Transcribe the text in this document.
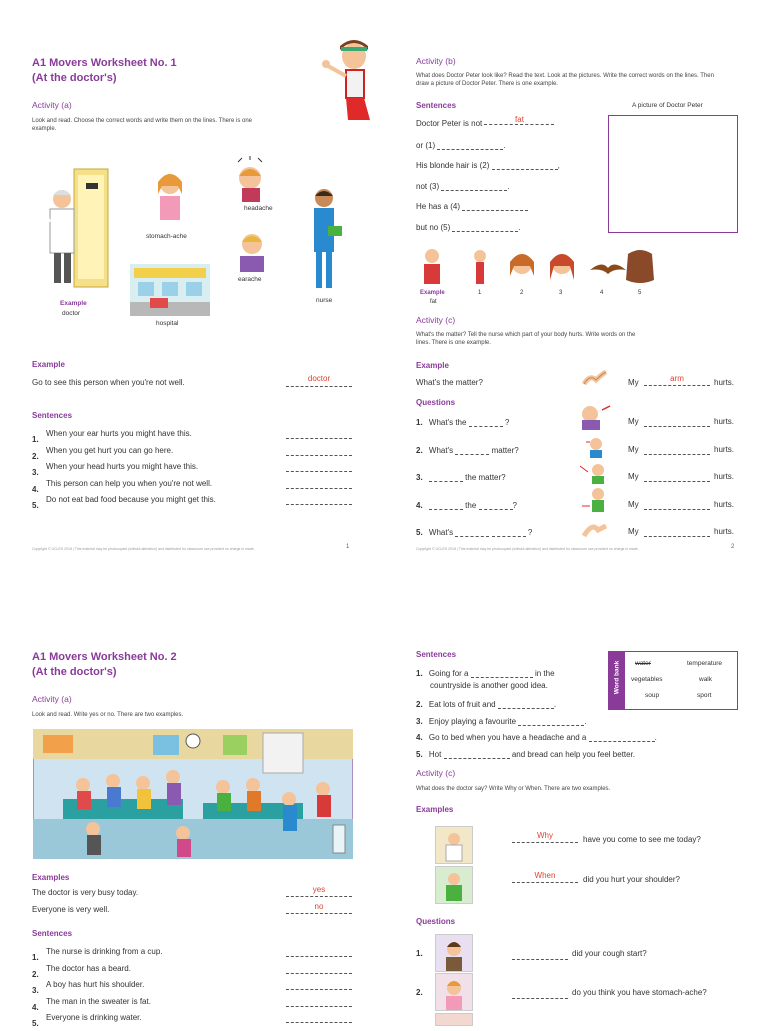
A1 Movers Worksheet No. 1
(At the doctor's)
Activity (a)
Look and read. Choose the correct words and write them on the lines. There is one example.
Example
doctor
stomach-ache
headache
earache
nurse
hospital
Example
Go to see this person when you're not well.	doctor
Sentences
1.
When your ear hurts you might have this.
2.
When you get hurt you can go here.
3.
When your head hurts you might have this.
4.
This person can help you when you're not well.
5.
Do not eat bad food because you might get this.
Copyright © UCLES 2018 | This material may be photocopied (without alteration) and distributed for classroom use provided no charge is made.	1
Activity (b)
What does Doctor Peter look like? Read the text. Look at the pictures. Write the correct words on the lines. Then draw a picture of Doctor Peter. There is one example.
Sentences	A picture of Doctor Peter
Doctor Peter is not	fat
or (1)	.
His blonde hair is (2)	,
not (3)	.
He has a (4)
but no (5)	.
Example
fat
1	2	3	4	5
Activity (c)
What's the matter? Tell the nurse which part of your body hurts. Write words on the lines. There is one example.
Example
What's the matter?	My	arm	hurts.
Questions
1. What's the	?	My	hurts.
2. What's	matter?	My	hurts.
3.	the matter?	My	hurts.
4.	the	?	My	hurts.
5. What's	?	My	hurts.
Copyright © UCLES 2018 | This material may be photocopied (without alteration) and distributed for classroom use provided no charge is made.	2
A1 Movers Worksheet No. 2
(At the doctor's)
Activity (a)
Look and read. Write yes or no. There are two examples.
Examples
The doctor is very busy today.	yes
Everyone is very well.	no
Sentences
1.
The nurse is drinking from a cup.
2.
The doctor has a beard.
3.
A boy has hurt his shoulder.
4.
The man in the sweater is fat.
5.
Everyone is drinking water.
Sentences
1. Going for a	in the
countryside is another good idea.
2. Eat lots of fruit and	.
3. Enjoy playing a favourite	.
4. Go to bed when you have a headache and a	.
5. Hot	and bread can help you feel better.
Word bank water	temperature
vegetables	walk
soup	sport
Activity (c)
What does the doctor say? Write Why or When. There are two examples.
Examples
Why	have you come to see me today?
When	did you hurt your shoulder?
Questions
1.	did your cough start?
2.	do you think you have stomach-ache?
